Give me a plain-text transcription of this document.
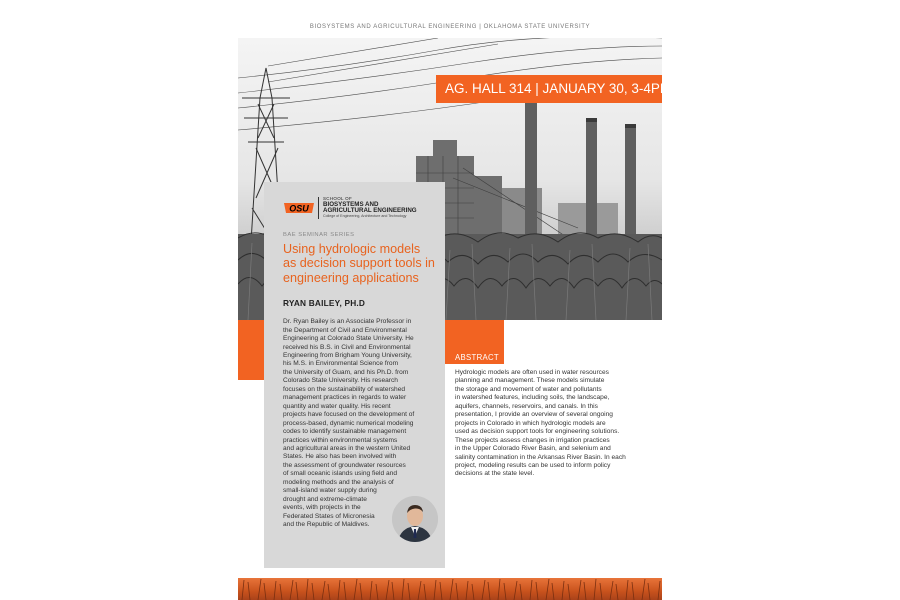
BIOSYSTEMS AND AGRICULTURAL ENGINEERING | OKLAHOMA STATE UNIVERSITY
AG. HALL 314 | JANUARY 30, 3-4PM
OSU
SCHOOL OF
BIOSYSTEMS AND
AGRICULTURAL ENGINEERING
College of Engineering, Architecture and Technology
BAE SEMINAR SERIES
Using hydrologic models as decision support tools in engineering applications
RYAN BAILEY, PH.D
Dr. Ryan Bailey is an Associate Professor in
the Department of Civil and Environmental
Engineering at Colorado State University. He
received his B.S. in Civil and Environmental
Engineering from Brigham Young University,
his M.S. in Environmental Science from
the University of Guam, and his Ph.D. from
Colorado State University. His research
focuses on the sustainability of watershed
management practices in regards to water
quantity and water quality. His recent
projects have focused on the development of
process-based, dynamic numerical modeling
codes to identify sustainable management
practices within environmental systems
and agricultural areas in the western United
States. He also has been involved with
the assessment of groundwater resources
of small oceanic islands using field and
modeling methods and the analysis of
small-island water supply during
drought and extreme-climate
events, with projects in the
Federated States of Micronesia
and the Republic of Maldives.
ABSTRACT
Hydrologic models are often used in water resources
planning and management. These models simulate
the storage and movement of water and pollutants
in watershed features, including soils, the landscape,
aquifers, channels, reservoirs, and canals. In this
presentation, I provide an overview of several ongoing
projects in Colorado in which hydrologic models are
used as decision support tools for engineering solutions.
These projects assess changes in irrigation practices
in the Upper Colorado River Basin, and selenium and
salinity contamination in the Arkansas River Basin. In each
project, modeling results can be used to inform policy
decisions at the state level.
